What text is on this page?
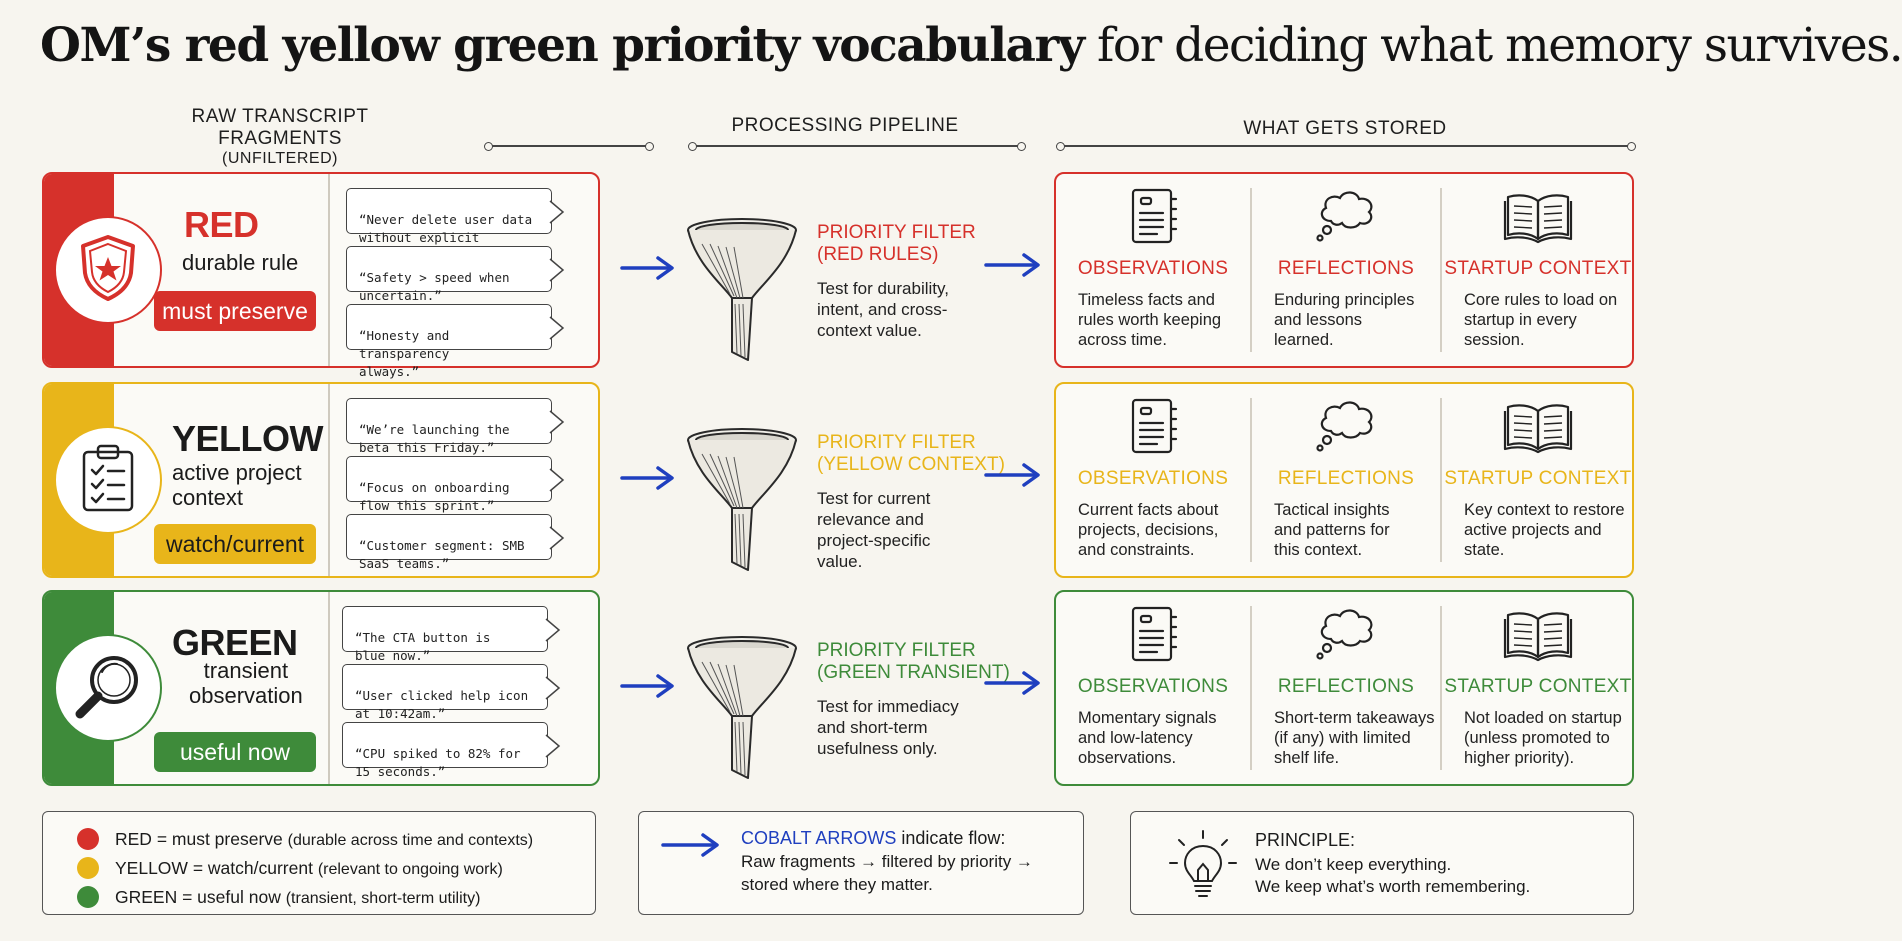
OM’s red yellow green priority vocabulary for deciding what memory survives.
RAW TRANSCRIPT FRAGMENTS
(UNFILTERED)
PROCESSING PIPELINE	WHAT GETS STORED
RED
durable rule
must preserve

“Never delete user data
without explicit

“Safety > speed when
uncertain.”

“Honesty and transparency
always.”

PRIORITY FILTER
(RED RULES)
Test for durability,
intent, and cross-
context value.
OBSERVATIONS
Timeless facts and
rules worth keeping
across time.
REFLECTIONS
Enduring principles
and lessons
learned.
STARTUP CONTEXT
Core rules to load on
startup in every
session.
YELLOW
active project
context
watch/current

“We’re launching the
beta this Friday.”

“Focus on onboarding
flow this sprint.”

“Customer segment: SMB
SaaS teams.”

PRIORITY FILTER
(YELLOW CONTEXT)
Test for current
relevance and
project-specific
value.
OBSERVATIONS
Current facts about
projects, decisions,
and constraints.
REFLECTIONS
Tactical insights
and patterns for
this context.
STARTUP CONTEXT
Key context to restore
active projects and
state.
GREEN
transient
observation
useful now

“The CTA button is
blue now.”

“User clicked help icon
at 10:42am.”

“CPU spiked to 82% for
15 seconds.”

PRIORITY FILTER
(GREEN TRANSIENT)
Test for immediacy
and short-term
usefulness only.
OBSERVATIONS
Momentary signals
and low-latency
observations.
REFLECTIONS
Short-term takeaways
(if any) with limited
shelf life.
STARTUP CONTEXT
Not loaded on startup
(unless promoted to
higher priority).
RED = must preserve (durable across time and contexts)
YELLOW = watch/current (relevant to ongoing work)
GREEN = useful now (transient, short-term utility)
COBALT ARROWS indicate flow:
Raw fragments → filtered by priority →
stored where they matter.
PRINCIPLE:
We don’t keep everything.
We keep what’s worth remembering.
